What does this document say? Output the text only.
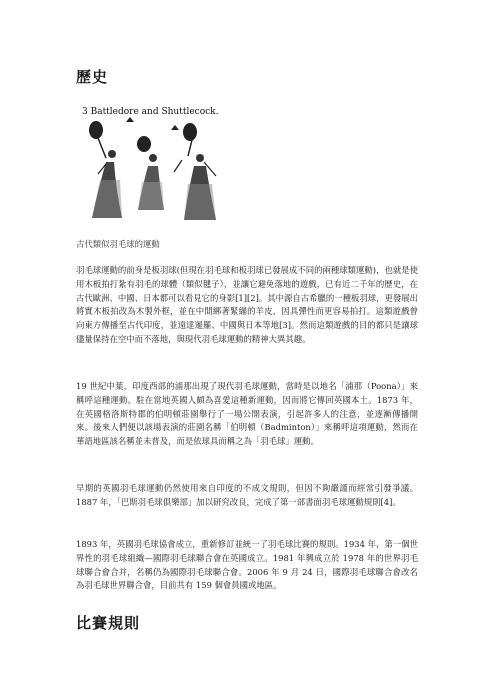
歷史
3 Battledore and Shuttlecock.
古代類似羽毛球的運動

羽毛球運動的前身是板羽球(但現在羽毛球和板羽球已發展成不同的兩種球類運動)，也就是使用木板拍打紮有羽毛的球體（類似毽子），並讓它避免落地的遊戲，已有近二千年的歷史，在古代歐洲、中國、日本都可以看見它的身影[1][2]。其中源自古希臘的一種板羽球，更發展出將實木板拍改為木製外框，並在中間綁著緊繃的羊皮，因具彈性而更容易拍打。這類遊戲曾向東方傳播至古代印度，並遠達暹羅、中國與日本等地[3]。然而這類遊戲的目的都只是讓球儘量保持在空中而不落地，與現代羽毛球運動的精神大異其趣。

19 世紀中葉，印度西部的浦那出現了現代羽毛球運動，當時是以地名「浦那（Poona）」來稱呼這種運動。駐在當地英國人頗為喜愛這種新運動，因而將它傳回英國本土。1873 年，在英國格洛斯特郡的伯明頓莊園舉行了一場公開表演，引起許多人的注意，並逐漸傳播開來。後來人們便以該場表演的莊園名稱「伯明頓（Badminton）」來稱呼這項運動，然而在華語地區該名稱並未普及，而是依球具而稱之為「羽毛球」運動。

早期的英國羽毛球運動仍然使用來自印度的不成文規則，但因不夠嚴謹而經常引發爭議。1887 年，「巴斯羽毛球俱樂部」加以研究改良，完成了第一部書面羽毛球運動規則[4]。

1893 年，英國羽毛球協會成立，重新修訂並統一了羽毛球比賽的規則。1934 年，第一個世界性的羽毛球組織—國際羽毛球聯合會在英國成立。1981 年興成立於 1978 年的世界羽毛球聯合會合并，名稱仍為國際羽毛球聯合會。2006 年 9 月 24 日，國際羽毛球聯合會改名為羽毛球世界聯合會，目前共有 159 個會員國或地區。

比賽規則
